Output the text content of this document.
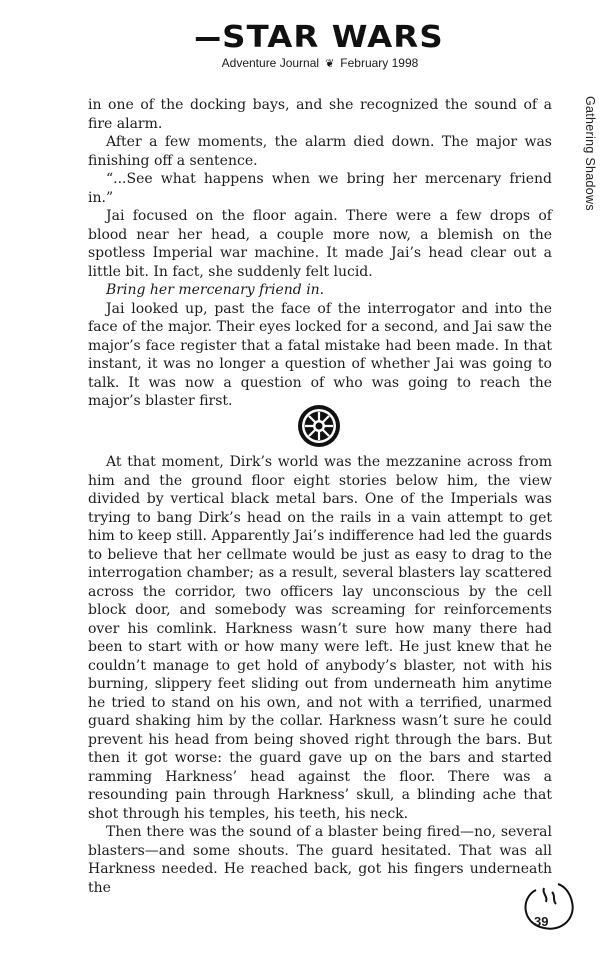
STAR WARS
Adventure Journal ❦ February 1998
Gathering Shadows

in one of the docking bays, and she recognized the sound of a fire alarm.

After a few moments, the alarm died down. The major was finishing off a sentence.

“...See what happens when we bring her mercenary friend in.”

Jai focused on the floor again. There were a few drops of blood near her head, a couple more now, a blemish on the spotless Imperial war machine. It made Jai’s head clear out a little bit. In fact, she suddenly felt lucid.

Bring her mercenary friend in.

Jai looked up, past the face of the interrogator and into the face of the major. Their eyes locked for a second, and Jai saw the major’s face register that a fatal mistake had been made. In that instant, it was no longer a question of whether Jai was going to talk. It was now a question of who was going to reach the major’s blaster first.

At that moment, Dirk’s world was the mezzanine across from him and the ground floor eight stories below him, the view divided by vertical black metal bars. One of the Imperials was trying to bang Dirk’s head on the rails in a vain attempt to get him to keep still. Apparently Jai’s indifference had led the guards to believe that her cellmate would be just as easy to drag to the interrogation chamber; as a result, several blasters lay scattered across the corridor, two officers lay unconscious by the cell block door, and somebody was screaming for reinforcements over his comlink. Harkness wasn’t sure how many there had been to start with or how many were left. He just knew that he couldn’t manage to get hold of anybody’s blaster, not with his burning, slippery feet sliding out from underneath him anytime he tried to stand on his own, and not with a terrified, unarmed guard shaking him by the collar. Harkness wasn’t sure he could prevent his head from being shoved right through the bars. But then it got worse: the guard gave up on the bars and started ramming Harkness’ head against the floor. There was a resounding pain through Harkness’ skull, a blinding ache that shot through his temples, his teeth, his neck.

Then there was the sound of a blaster being fired—no, several blasters—and some shouts. The guard hesitated. That was all Harkness needed. He reached back, got his fingers underneath the

39
